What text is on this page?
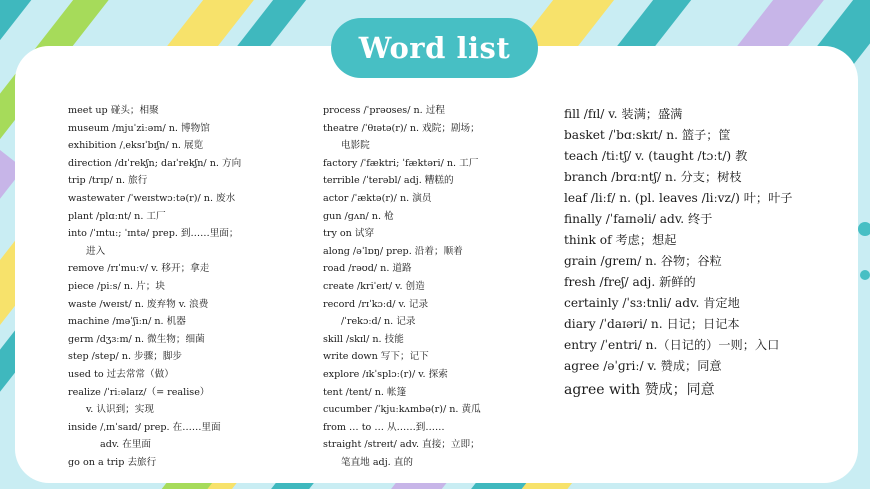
Word list
meet up 碰头；相聚
museum /mjuˈziːəm/ n. 博物馆
exhibition /ˌeksɪˈbɪʃn/ n. 展览
direction /dɪˈrekʃn; daɪˈrekʃn/ n. 方向
trip /trɪp/ n. 旅行
wastewater /ˈweɪstwɔːtə(r)/ n. 废水
plant /plɑːnt/ n. 工厂
into /ˈɪntuː; ˈɪntə/ prep. 到……里面；
进入
remove /rɪˈmuːv/ v. 移开；拿走
piece /piːs/ n. 片；块
waste /weɪst/ n. 废弃物 v. 浪费
machine /məˈʃiːn/ n. 机器
germ /dʒɜːm/ n. 微生物；细菌
step /step/ n. 步骤；脚步
used to 过去常常（做）
realize /ˈriːəlaɪz/（= realise）
v. 认识到；实现
inside /ˌɪnˈsaɪd/ prep. 在……里面
adv. 在里面
go on a trip 去旅行
process /ˈprəʊses/ n. 过程
theatre /ˈθɪətə(r)/ n. 戏院；剧场；
电影院
factory /ˈfæktri; ˈfæktəri/ n. 工厂
terrible /ˈterəbl/ adj. 糟糕的
actor /ˈæktə(r)/ n. 演员
gun /ɡʌn/ n. 枪
try on 试穿
along /əˈlɒŋ/ prep. 沿着；顺着
road /rəʊd/ n. 道路
create /kriˈeɪt/ v. 创造
record /rɪˈkɔːd/ v. 记录
/ˈrekɔːd/ n. 记录
skill /skɪl/ n. 技能
write down 写下；记下
explore /ɪkˈsplɔː(r)/ v. 探索
tent /tent/ n. 帐篷
cucumber /ˈkjuːkʌmbə(r)/ n. 黄瓜
from … to … 从……到……
straight /streɪt/ adv. 直接；立即；
笔直地 adj. 直的
fill /fɪl/ v. 装满；盛满
basket /ˈbɑːskɪt/ n. 篮子；筐
teach /tiːtʃ/ v. (taught /tɔːt/) 教
branch /brɑːntʃ/ n. 分支；树枝
leaf /liːf/ n. (pl. leaves /liːvz/) 叶；叶子
finally /ˈfaɪnəli/ adv. 终于
think of 考虑；想起
grain /ɡreɪn/ n. 谷物；谷粒
fresh /freʃ/ adj. 新鲜的
certainly /ˈsɜːtnli/ adv. 肯定地
diary /ˈdaɪəri/ n. 日记；日记本
entry /ˈentri/ n.（日记的）一则；入口
agree /əˈɡriː/ v. 赞成；同意
agree with 赞成；同意
